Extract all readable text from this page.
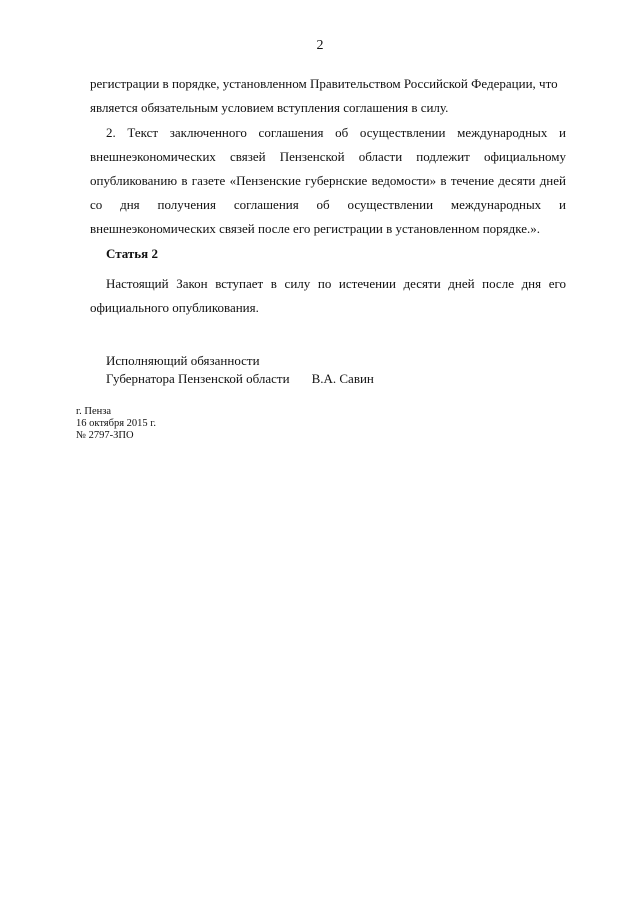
2
регистрации в порядке, установленном Правительством Российской Федерации, что
является обязательным условием вступления соглашения в силу.
2. Текст заключенного соглашения об осуществлении международных и
внешнеэкономических связей Пензенской области подлежит официальному
опубликованию в газете «Пензенские губернские ведомости» в течение десяти дней
со дня получения соглашения об осуществлении международных и
внешнеэкономических связей после его регистрации в установленном порядке.».
Статья 2
Настоящий Закон вступает в силу по истечении десяти дней после дня его
официального опубликования.
Исполняющий обязанности
Губернатора Пензенской области В.А. Савин
г. Пенза
16 октября 2015 г.
№ 2797-ЗПО
